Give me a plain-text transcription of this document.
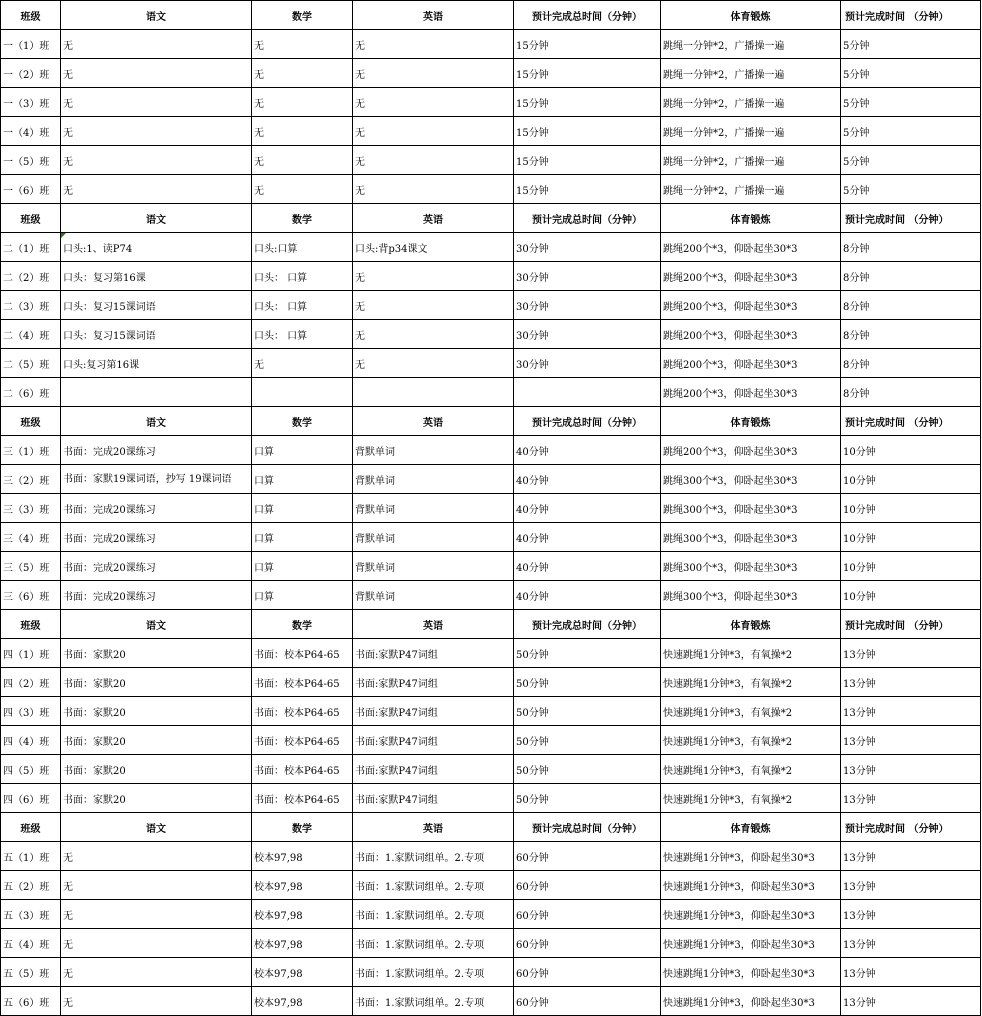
班级	语文	数学	英语	预计完成总时间（分钟）	体育锻炼	预计完成时间 （分钟）
一（1）班	无	无	无	15分钟	跳绳一分钟*2，广播操一遍	5分钟
一（2）班	无	无	无	15分钟	跳绳一分钟*2，广播操一遍	5分钟
一（3）班	无	无	无	15分钟	跳绳一分钟*2，广播操一遍	5分钟
一（4）班	无	无	无	15分钟	跳绳一分钟*2，广播操一遍	5分钟
一（5）班	无	无	无	15分钟	跳绳一分钟*2，广播操一遍	5分钟
一（6）班	无	无	无	15分钟	跳绳一分钟*2，广播操一遍	5分钟
班级	语文	数学	英语	预计完成总时间（分钟）	体育锻炼	预计完成时间 （分钟）
二（1）班	口头:1、读P74	口头:口算	口头:背p34课文	30分钟	跳绳200个*3，仰卧起坐30*3	8分钟
二（2）班	口头：复习第16课	口头： 口算	无	30分钟	跳绳200个*3，仰卧起坐30*3	8分钟
二（3）班	口头：复习15课词语	口头： 口算	无	30分钟	跳绳200个*3，仰卧起坐30*3	8分钟
二（4）班	口头：复习15课词语	口头： 口算	无	30分钟	跳绳200个*3，仰卧起坐30*3	8分钟
二（5）班	口头:复习第16课	无	无	30分钟	跳绳200个*3，仰卧起坐30*3	8分钟
二（6）班					跳绳200个*3，仰卧起坐30*3	8分钟
班级	语文	数学	英语	预计完成总时间（分钟）	体育锻炼	预计完成时间 （分钟）
三（1）班	书面：完成20课练习	口算	背默单词	40分钟	跳绳200个*3，仰卧起坐30*3	10分钟
三（2）班	书面：家默19课词语，抄写 19课词语	口算	背默单词	40分钟	跳绳300个*3，仰卧起坐30*3	10分钟
三（3）班	书面：完成20课练习	口算	背默单词	40分钟	跳绳300个*3，仰卧起坐30*3	10分钟
三（4）班	书面：完成20课练习	口算	背默单词	40分钟	跳绳300个*3，仰卧起坐30*3	10分钟
三（5）班	书面：完成20课练习	口算	背默单词	40分钟	跳绳300个*3，仰卧起坐30*3	10分钟
三（6）班	书面：完成20课练习	口算	背默单词	40分钟	跳绳300个*3，仰卧起坐30*3	10分钟
班级	语文	数学	英语	预计完成总时间（分钟）	体育锻炼	预计完成时间 （分钟）
四（1）班	书面：家默20	书面：校本P64-65	书面:家默P47词组	50分钟	快速跳绳1分钟*3，有氧操*2	13分钟
四（2）班	书面：家默20	书面：校本P64-65	书面:家默P47词组	50分钟	快速跳绳1分钟*3，有氧操*2	13分钟
四（3）班	书面：家默20	书面：校本P64-65	书面:家默P47词组	50分钟	快速跳绳1分钟*3，有氧操*2	13分钟
四（4）班	书面：家默20	书面：校本P64-65	书面:家默P47词组	50分钟	快速跳绳1分钟*3，有氧操*2	13分钟
四（5）班	书面：家默20	书面：校本P64-65	书面:家默P47词组	50分钟	快速跳绳1分钟*3，有氧操*2	13分钟
四（6）班	书面：家默20	书面：校本P64-65	书面:家默P47词组	50分钟	快速跳绳1分钟*3，有氧操*2	13分钟
班级	语文	数学	英语	预计完成总时间（分钟）	体育锻炼	预计完成时间 （分钟）
五（1）班	无	校本97,98	书面：1.家默词组单。2.专项	60分钟	快速跳绳1分钟*3，仰卧起坐30*3	13分钟
五（2）班	无	校本97,98	书面：1.家默词组单。2.专项	60分钟	快速跳绳1分钟*3，仰卧起坐30*3	13分钟
五（3）班	无	校本97,98	书面：1.家默词组单。2.专项	60分钟	快速跳绳1分钟*3，仰卧起坐30*3	13分钟
五（4）班	无	校本97,98	书面：1.家默词组单。2.专项	60分钟	快速跳绳1分钟*3，仰卧起坐30*3	13分钟
五（5）班	无	校本97,98	书面：1.家默词组单。2.专项	60分钟	快速跳绳1分钟*3，仰卧起坐30*3	13分钟
五（6）班	无	校本97,98	书面：1.家默词组单。2.专项	60分钟	快速跳绳1分钟*3，仰卧起坐30*3	13分钟
